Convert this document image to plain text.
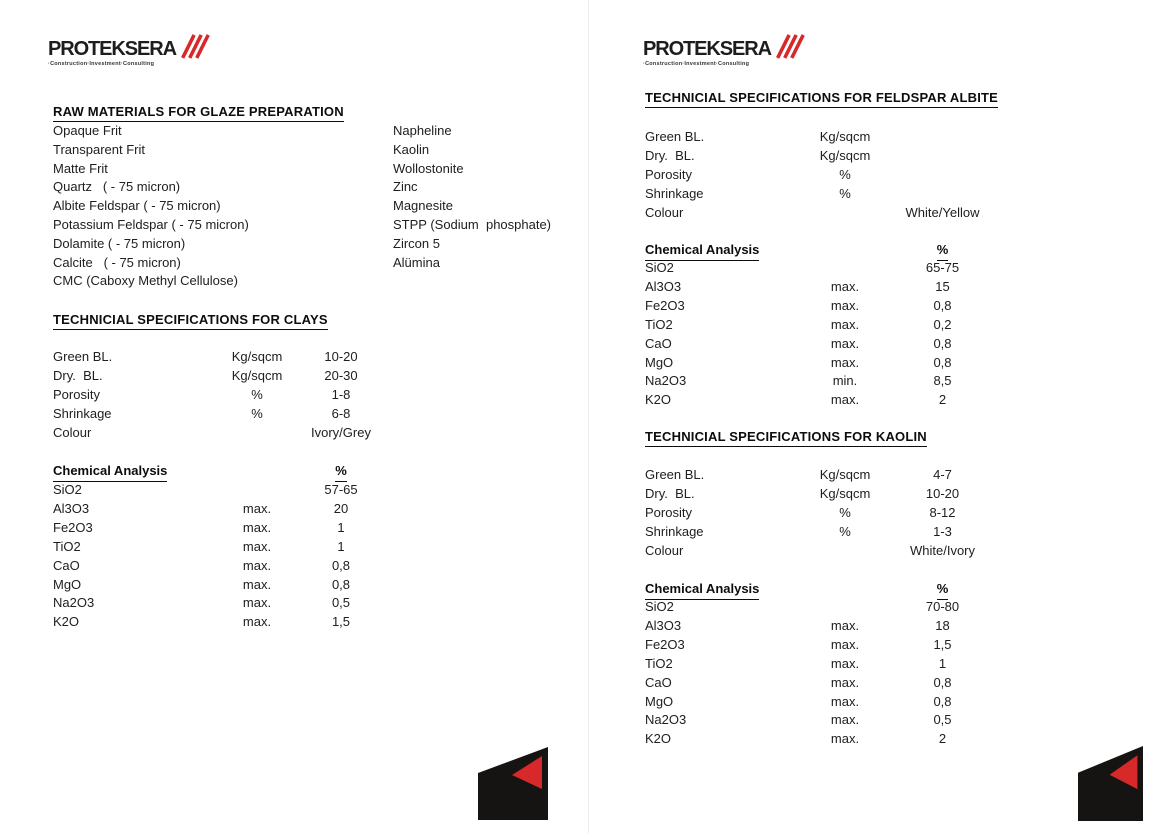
PROTEKSERA
·Construction·Investment·Consulting
RAW MATERIALS FOR GLAZE PREPARATION
Opaque Frit
Transparent Frit
Matte Frit
Quartz   ( - 75 micron)
Albite Feldspar ( - 75 micron)
Potassium Feldspar ( - 75 micron)
Dolamite ( - 75 micron)
Calcite   ( - 75 micron)
CMC (Caboxy Methyl Cellulose)
Napheline
Kaolin
Wollostonite
Zinc
Magnesite
STPP (Sodium  phosphate)
Zircon 5
Alümina
TECHNICIAL SPECIFICATIONS FOR CLAYS
Green BL.	Kg/sqcm	10-20
Dry.  BL.	Kg/sqcm	20-30
Porosity	%	1-8
Shrinkage	%	6-8
Colour	Ivory/Grey
Chemical Analysis	%
SiO2	57-65
Al3O3	max.	20
Fe2O3	max.	1
TiO2	max.	1
CaO	max.	0,8
MgO	max.	0,8
Na2O3	max.	0,5
K2O	max.	1,5
PROTEKSERA
·Construction·Investment·Consulting
TECHNICIAL SPECIFICATIONS FOR FELDSPAR ALBITE
Green BL.	Kg/sqcm
Dry.  BL.	Kg/sqcm
Porosity	%
Shrinkage	%
Colour	White/Yellow
Chemical Analysis	%
SiO2	65-75
Al3O3	max.	15
Fe2O3	max.	0,8
TiO2	max.	0,2
CaO	max.	0,8
MgO	max.	0,8
Na2O3	min.	8,5
K2O	max.	2
TECHNICIAL SPECIFICATIONS FOR KAOLIN
Green BL.	Kg/sqcm	4-7
Dry.  BL.	Kg/sqcm	10-20
Porosity	%	8-12
Shrinkage	%	1-3
Colour	White/Ivory
Chemical Analysis	%
SiO2	70-80
Al3O3	max.	18
Fe2O3	max.	1,5
TiO2	max.	1
CaO	max.	0,8
MgO	max.	0,8
Na2O3	max.	0,5
K2O	max.	2
